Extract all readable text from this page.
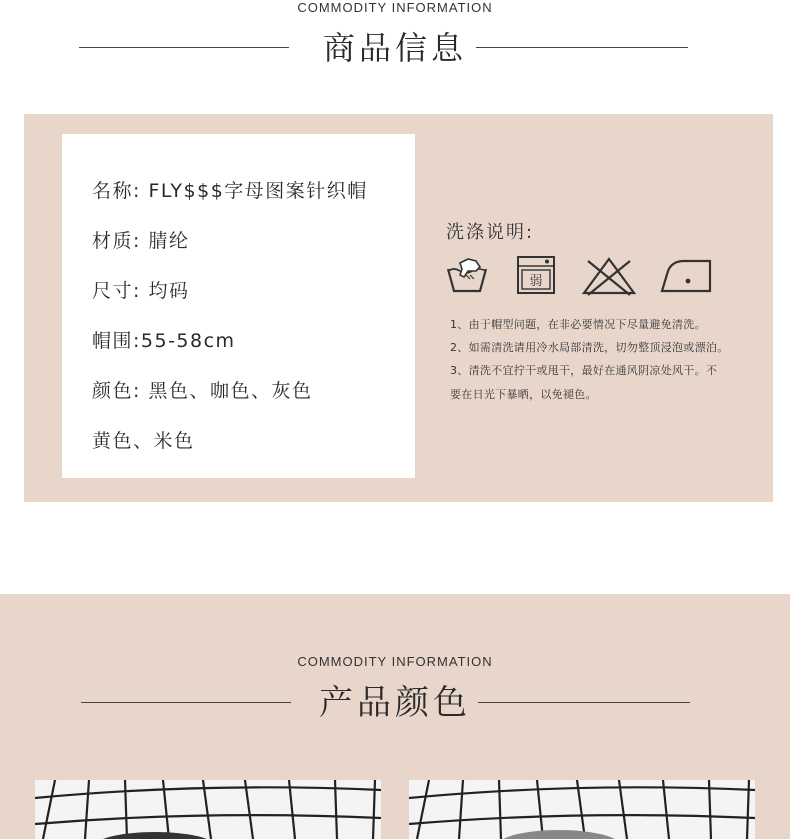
COMMODITY INFORMATION
商品信息
名称: FLY$$$字母图案针织帽
材质: 腈纶
尺寸: 均码
帽围:55-58cm
颜色: 黑色、咖色、灰色
黄色、米色
洗涤说明:
弱
1、由于帽型问题，在非必要情况下尽量避免清洗。
2、如需清洗请用冷水局部清洗，切勿整顶浸泡或漂泊。
3、清洗不宜拧干或甩干，最好在通风阴凉处风干。不
要在日光下暴晒，以免褪色。
COMMODITY INFORMATION
产品颜色
